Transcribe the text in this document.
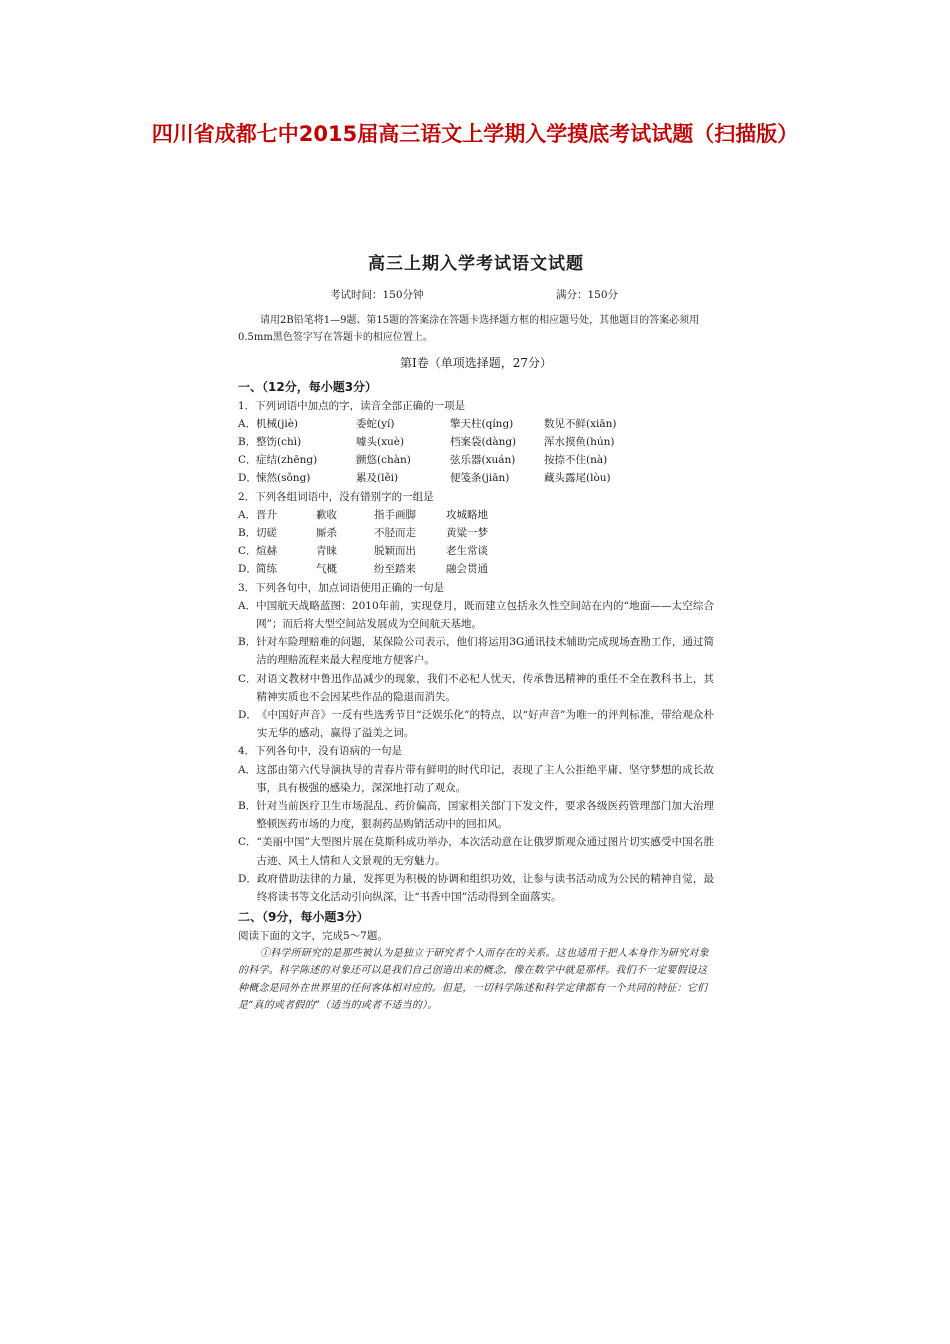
四川省成都七中2015届高三语文上学期入学摸底考试试题（扫描版）
高三上期入学考试语文试题
考试时间：150分钟	满分：150分
请用2B铅笔将1—9题、第15题的答案涂在答题卡选择题方框的相应题号处，其他题目的答案必须用0.5mm黑色签字写在答题卡的相应位置上。
第Ⅰ卷（单项选择题，27分）
一、（12分，每小题3分）
1．下列词语中加点的字，读音全部正确的一项是
A． 机械(jiè)	委蛇(yí)	擎天柱(qíng)	数见不鲜(xiān)
B． 整饬(chì)	噱头(xuè)	档案袋(dàng)	浑水摸鱼(hún)
C． 症结(zhēng)	颤悠(chàn)	弦乐器(xuán)	按捺不住(nà)
D． 悚然(sǒng)	累及(lěi)	便笺条(jiān)	藏头露尾(lòu)
2．下列各组词语中，没有错别字的一组是
A． 晋升	歉收	指手画脚	攻城略地
B． 切磋	厮杀	不胫而走	黄粱一梦
C． 煊赫	青睐	脱颖而出	老生常谈
D． 简练	气概	纷至踏来	融会贯通
3．下列各句中，加点词语使用正确的一句是
A． 中国航天战略蓝图：2010年前，实现登月，既而建立包括永久性空间站在内的“地面——太空综合网”；而后将大型空间站发展成为空间航天基地。
B． 针对车险理赔难的问题，某保险公司表示，他们将运用3G通讯技术辅助完成现场查勘工作，通过简洁的理赔流程来最大程度地方便客户。
C． 对语文教材中鲁迅作品减少的现象，我们不必杞人忧天，传承鲁迅精神的重任不全在教科书上，其精神实质也不会因某些作品的隐退而消失。
D． 《中国好声音》一反有些选秀节目“泛娱乐化”的特点，以“好声音”为唯一的评判标准，带给观众朴实无华的感动，赢得了溢美之词。
4．下列各句中，没有语病的一句是
A． 这部由第六代导演执导的青春片带有鲜明的时代印记，表现了主人公拒绝平庸、坚守梦想的成长故事，具有极强的感染力，深深地打动了观众。
B． 针对当前医疗卫生市场混乱、药价偏高，国家相关部门下发文件，要求各级医药管理部门加大治理整顿医药市场的力度，狠刹药品购销活动中的回扣风。
C． “美丽中国”大型图片展在莫斯科成功举办，本次活动意在让俄罗斯观众通过图片切实感受中国名胜古迹、风土人情和人文景观的无穷魅力。
D． 政府借助法律的力量，发挥更为积极的协调和组织功效，让参与读书活动成为公民的精神自觉，最终将读书等文化活动引向纵深，让“书香中国”活动得到全面落实。
二、（9分，每小题3分）
阅读下面的文字，完成5～7题。
①科学所研究的是那些被认为是独立于研究者个人而存在的关系。这也适用于把人本身作为研究对象的科学。科学陈述的对象还可以是我们自己创造出来的概念，像在数学中就是那样。我们不一定要假设这种概念是同外在世界里的任何客体相对应的。但是，一切科学陈述和科学定律都有一个共同的特征：它们是“真的或者假的”（适当的或者不适当的）。
